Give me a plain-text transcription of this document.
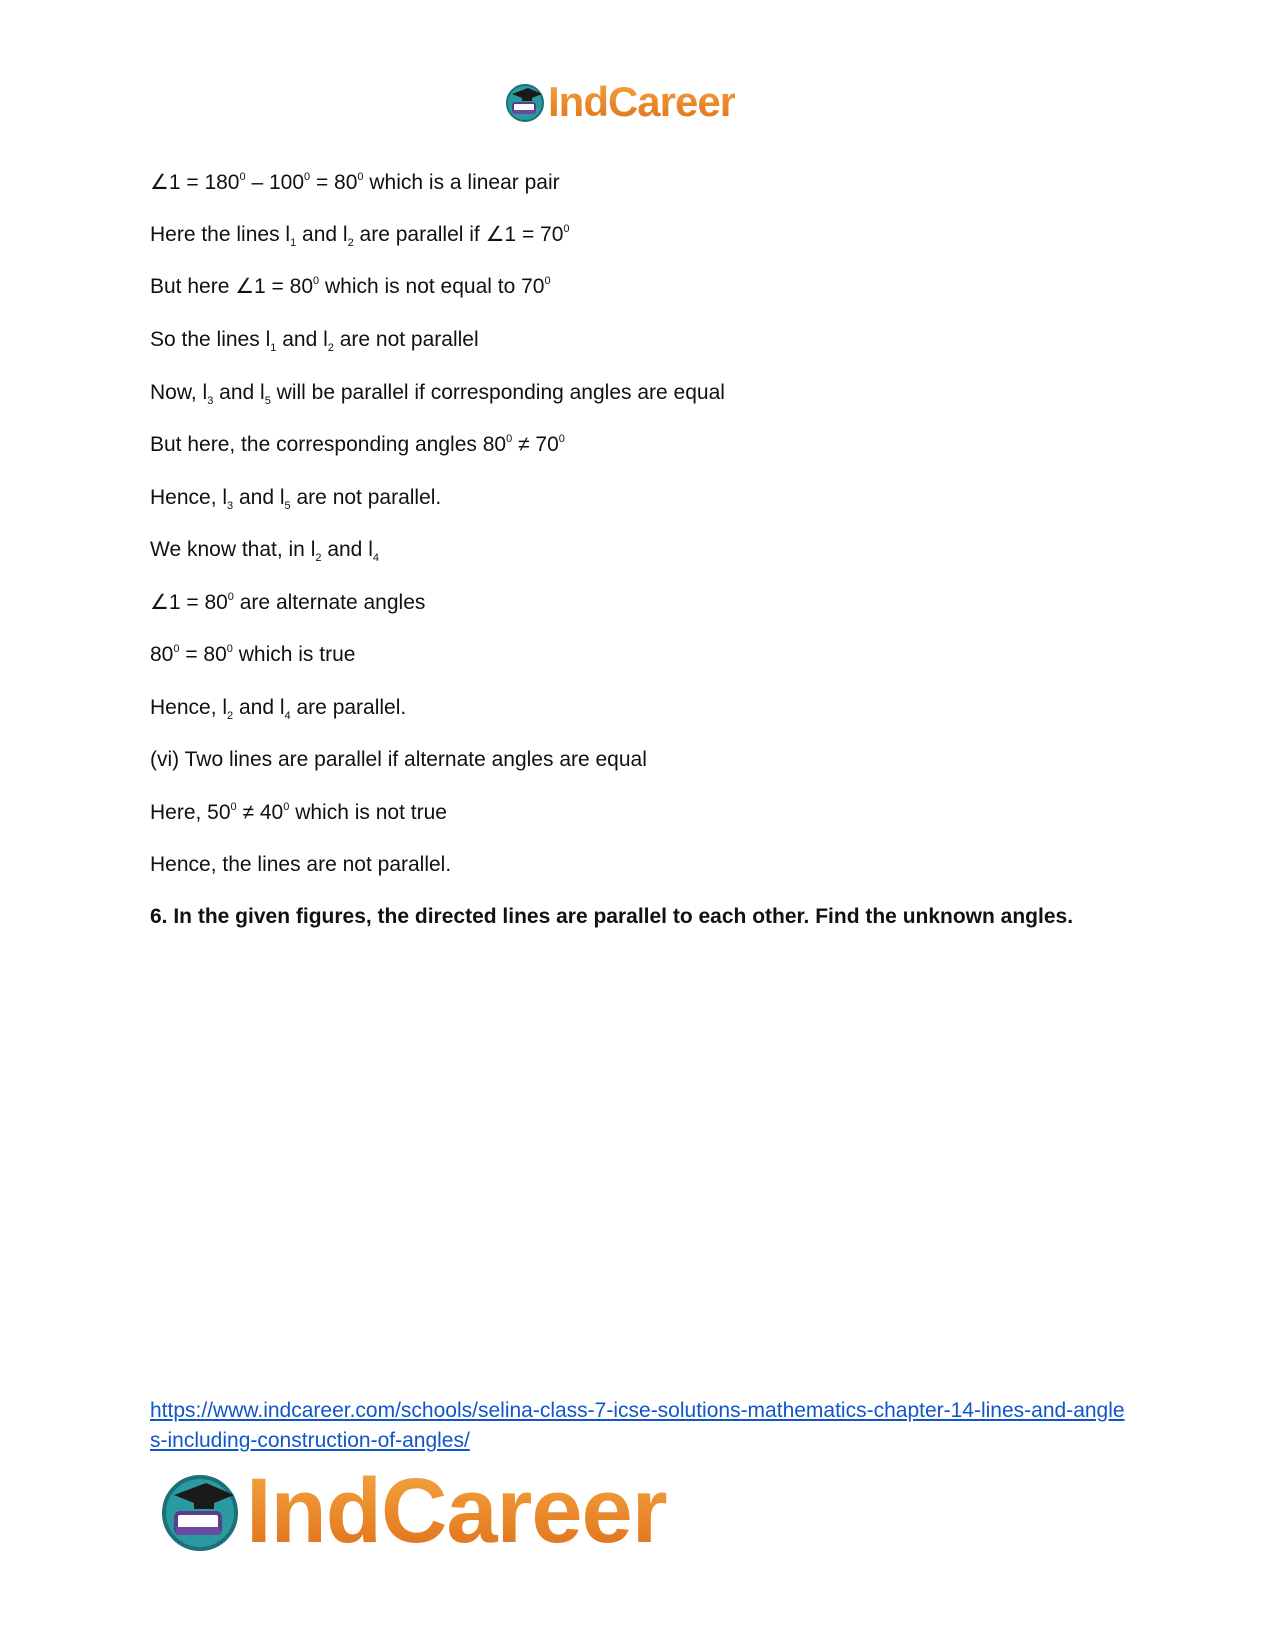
IndCareer
∠1 = $180^0 - 100^0 = 80^0$ which is a linear pair
Here the lines $l_1$ and $l_2$ are parallel if ∠1 = $70^0$
But here ∠1 = $80^0$ which is not equal to $70^0$
So the lines $l_1$ and $l_2$ are not parallel
Now, $l_3$ and $l_5$ will be parallel if corresponding angles are equal
But here, the corresponding angles $80^0 \ne 70^0$
Hence, $l_3$ and $l_5$ are not parallel.
We know that, in $l_2$ and $l_4$
∠1 = $80^0$ are alternate angles
$80^0 = 80^0$ which is true
Hence, $l_2$ and $l_4$ are parallel.
(vi) Two lines are parallel if alternate angles are equal
Here, $50^0 \ne 40^0$ which is not true
Hence, the lines are not parallel.
6. In the given figures, the directed lines are parallel to each other. Find the unknown angles.
https://www.indcareer.com/schools/selina-class-7-icse-solutions-mathematics-chapter-14-lines-and-angles-including-construction-of-angles/
IndCareer
